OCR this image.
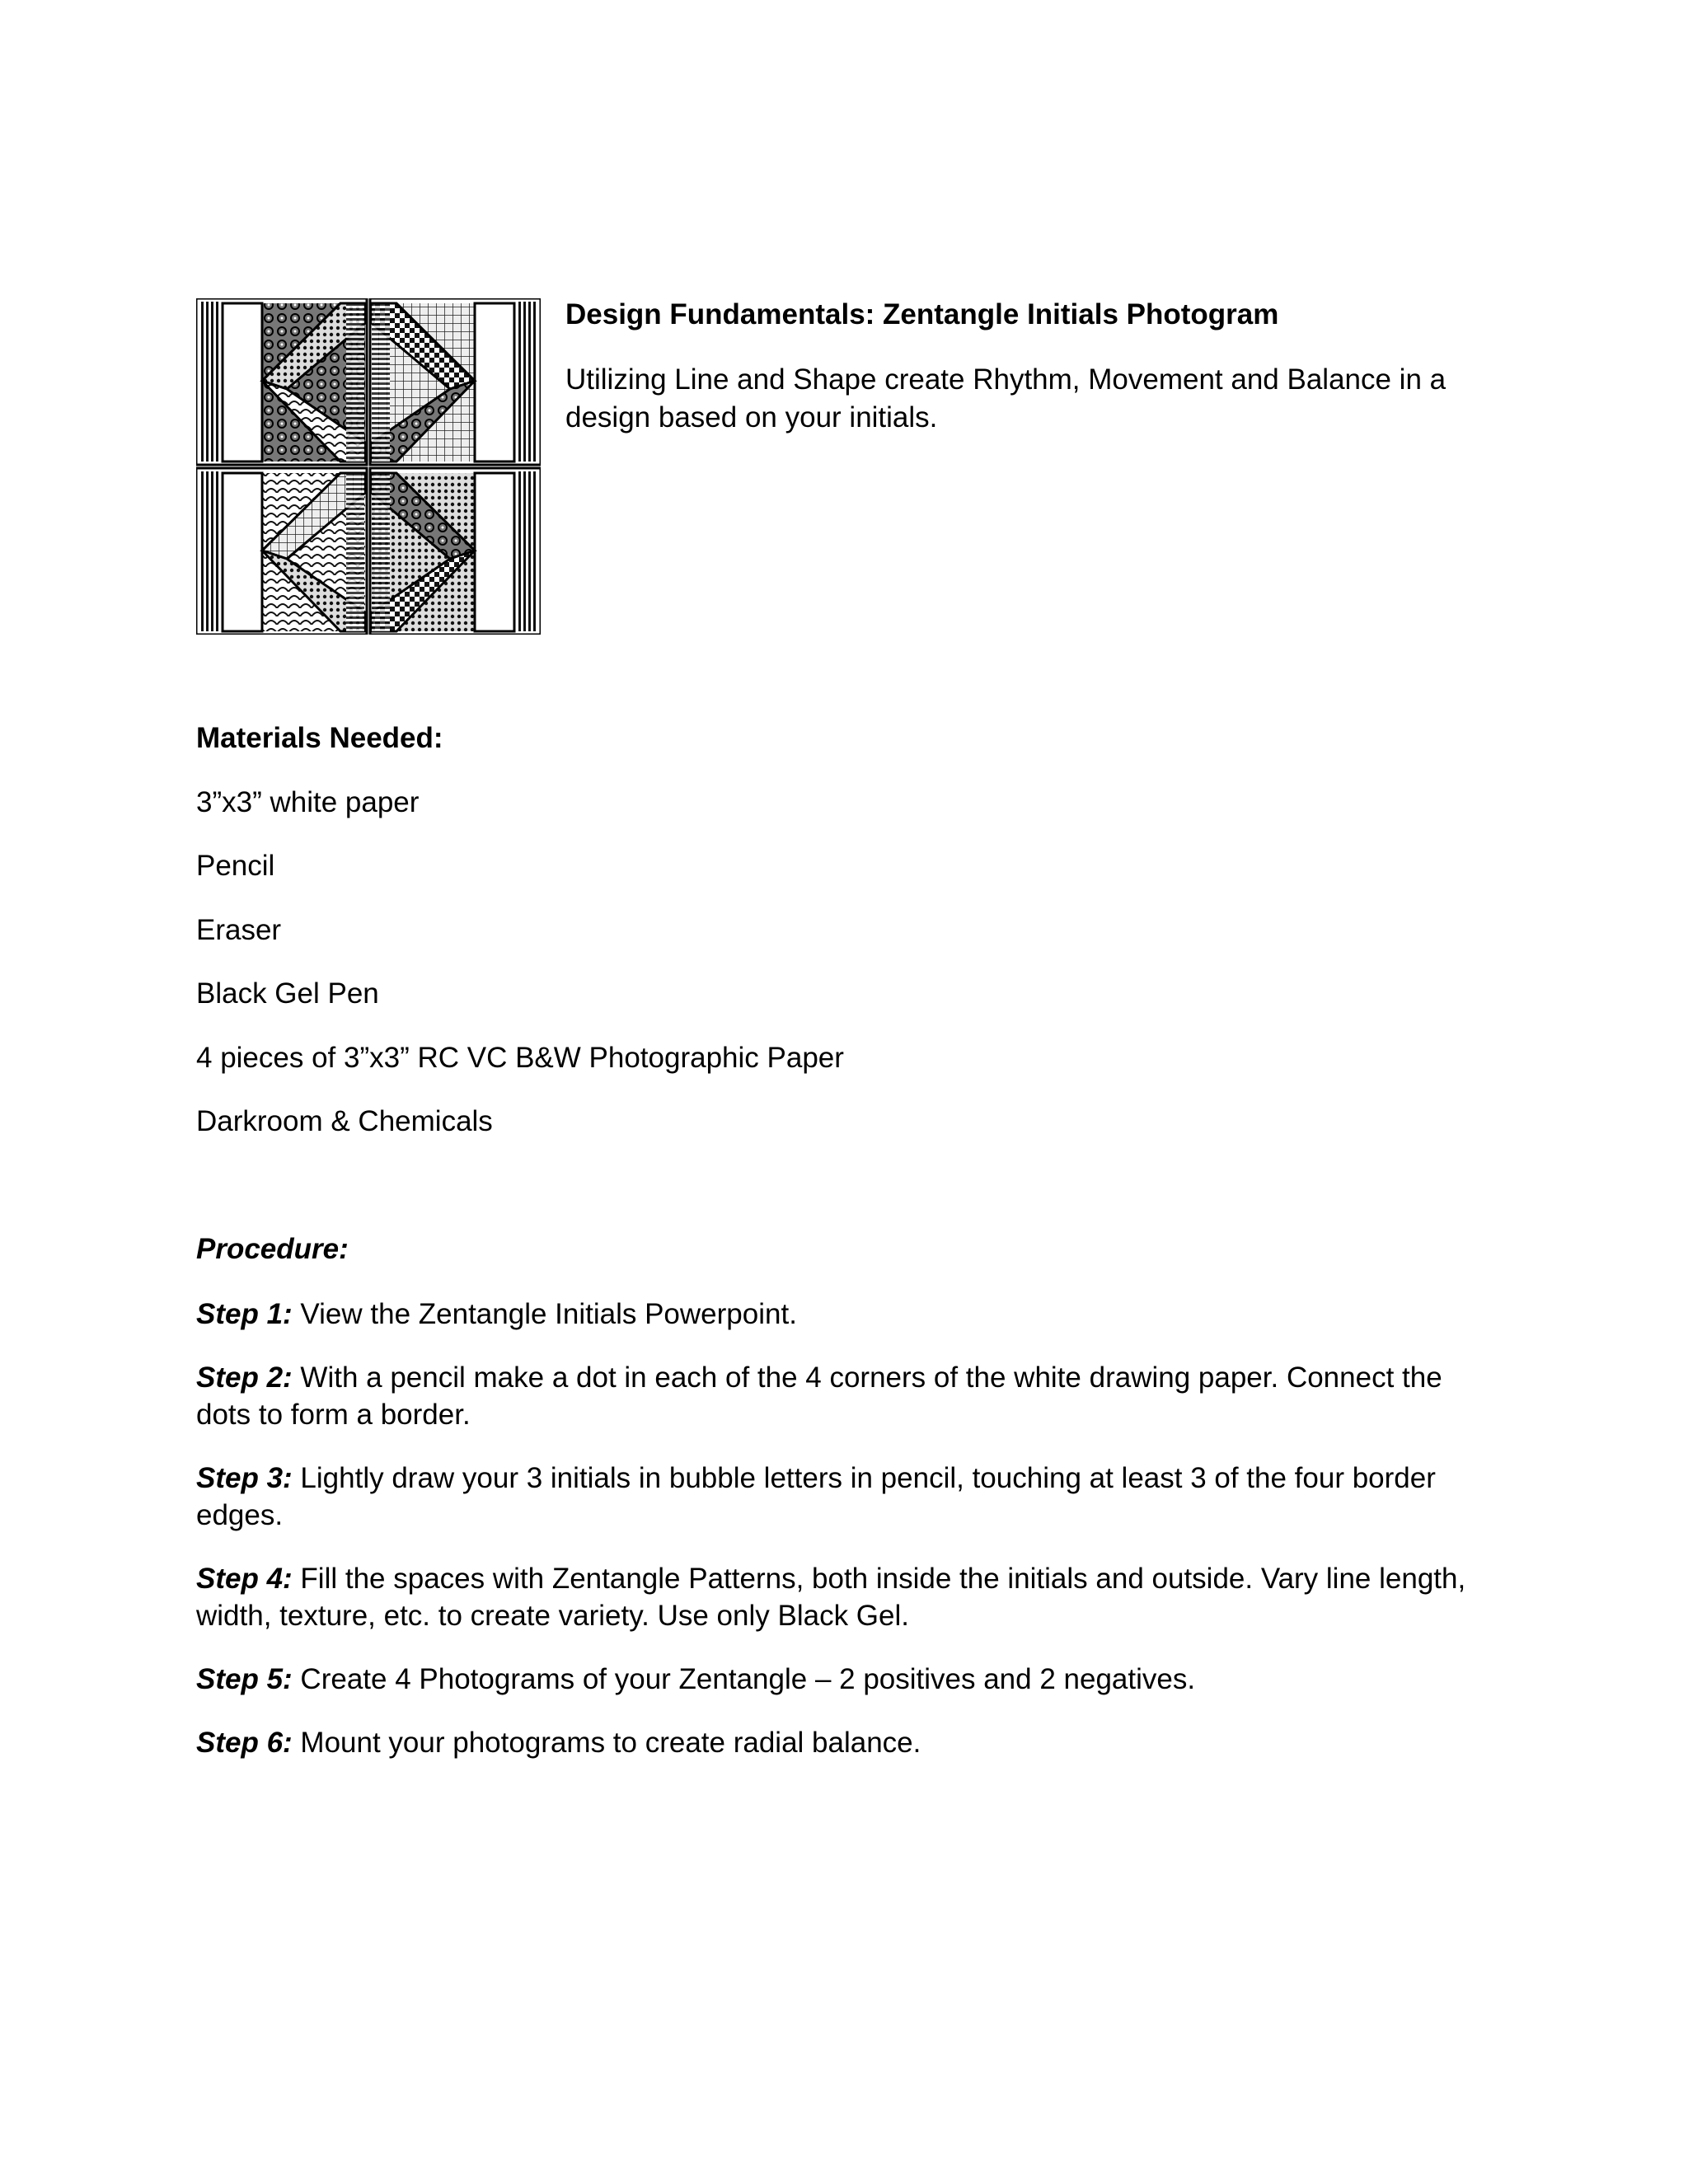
Design Fundamentals: Zentangle Initials Photogram
Utilizing Line and Shape create Rhythm, Movement and Balance in a design based on your initials.
Materials Needed:
3”x3” white paper
Pencil
Eraser
Black Gel Pen
4 pieces of 3”x3” RC VC B&W Photographic Paper
Darkroom & Chemicals
Procedure:
Step 1: View the Zentangle Initials Powerpoint.
Step 2: With a pencil make a dot in each of the 4 corners of the white drawing paper. Connect the dots to form a border.
Step 3: Lightly draw your 3 initials in bubble letters in pencil, touching at least 3 of the four border edges.
Step 4: Fill the spaces with Zentangle Patterns, both inside the initials and outside. Vary line length, width, texture, etc. to create variety. Use only Black Gel.
Step 5: Create 4 Photograms of your Zentangle – 2 positives and 2 negatives.
Step 6: Mount your photograms to create radial balance.
